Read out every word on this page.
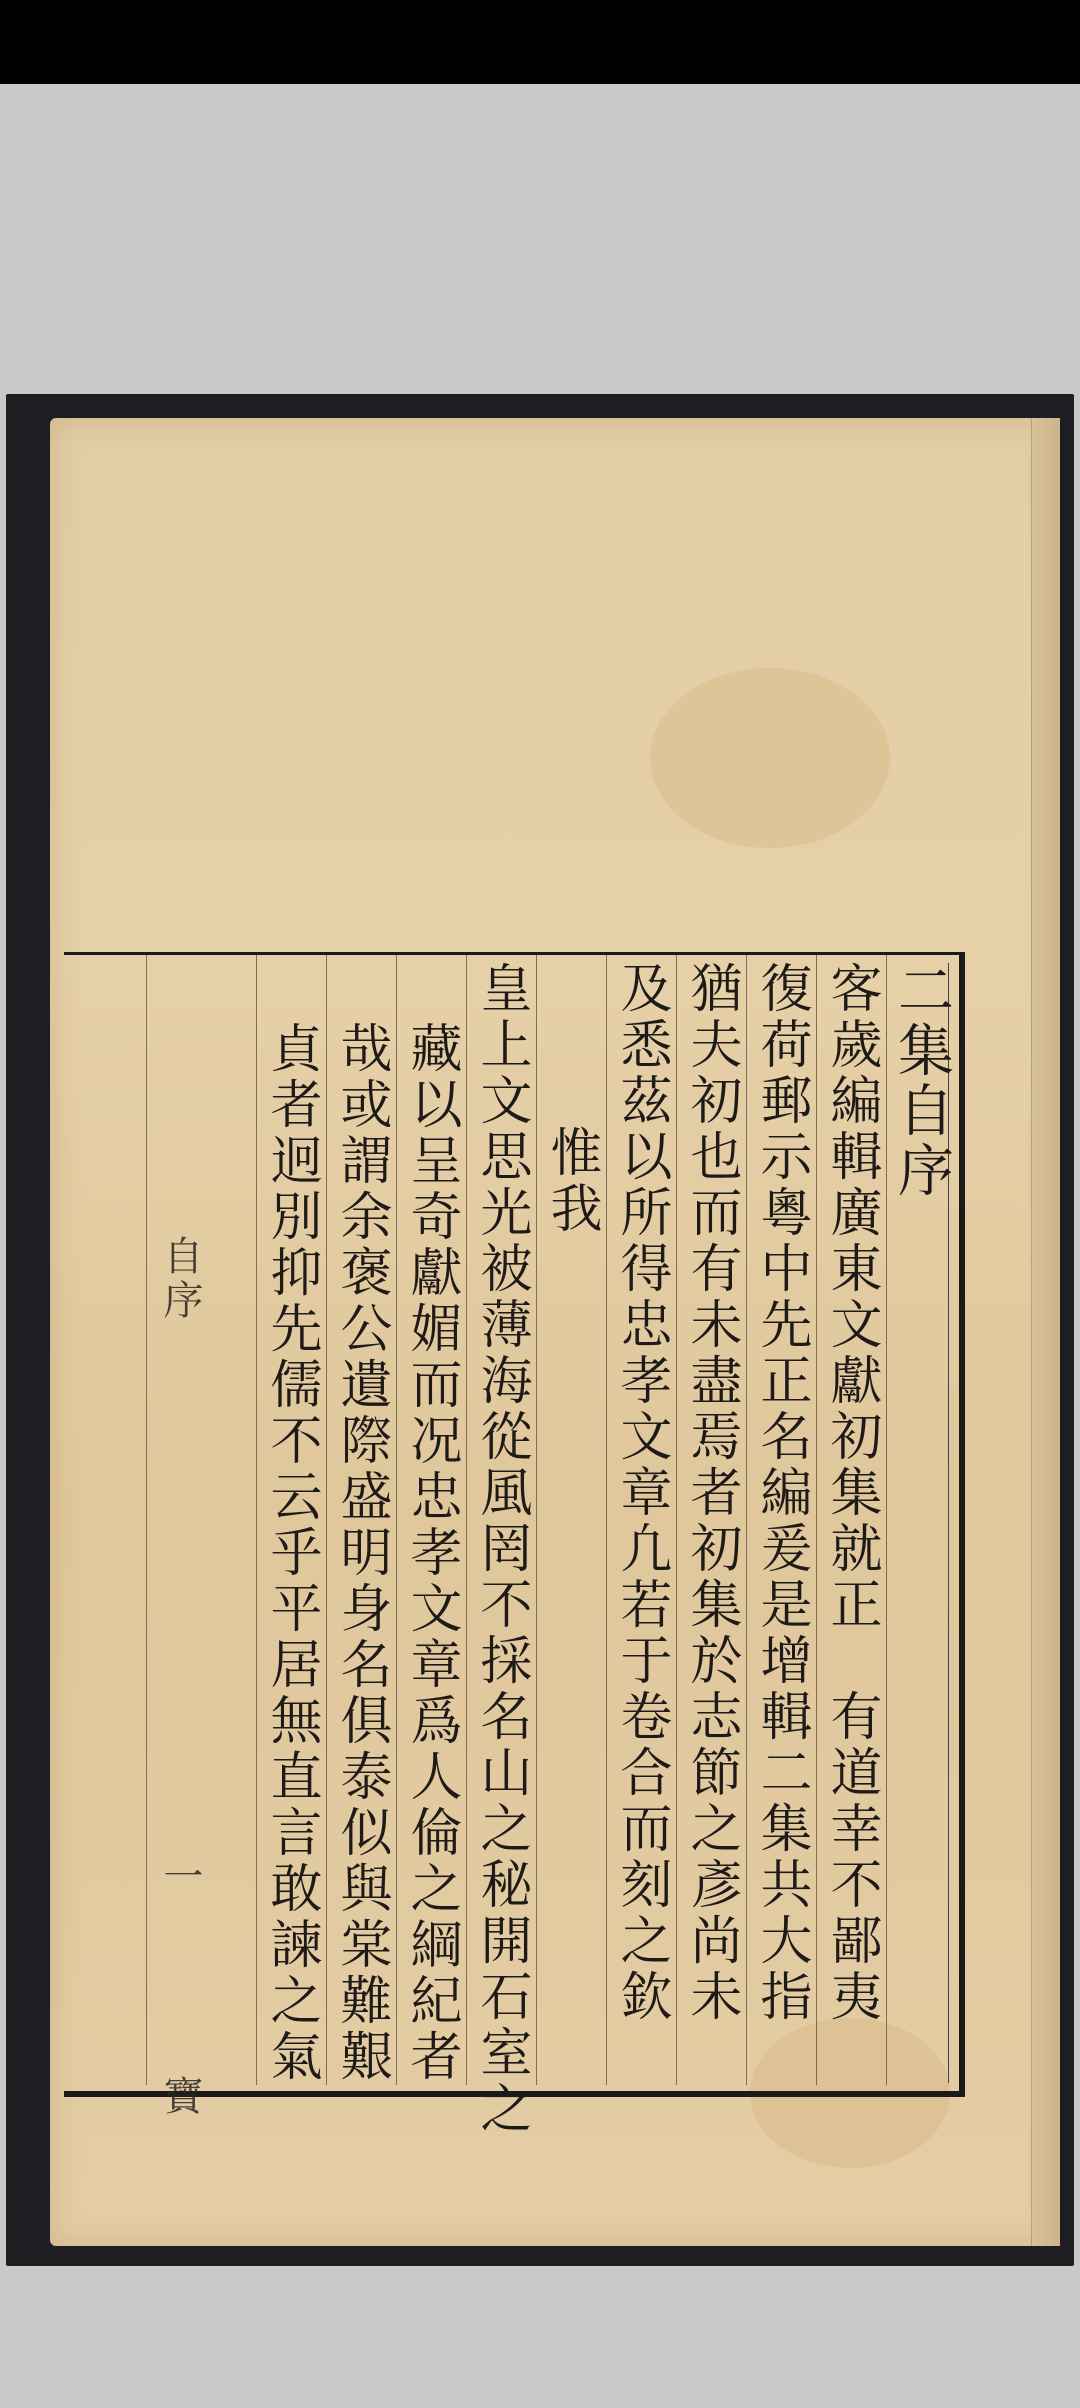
二集自序
客歲編輯廣東文獻初集就正　有道幸不鄙夷
復荷郵示粵中先正名編爰是增輯二集共大指
猶夫初也而有未盡焉者初集於志節之彥尚未
及悉茲以所得忠孝文章凢若于卷合而刻之欽
惟我
皇上文思光被薄海從風罔不採名山之秘開石室之
藏以呈奇獻媚而况忠孝文章爲人倫之綱紀者
哉或謂余褒公遺際盛明身名俱泰似與棠難艱
貞者迥別抑先儒不云乎平居無直言敢諫之氣
自序
一　　　　寶
